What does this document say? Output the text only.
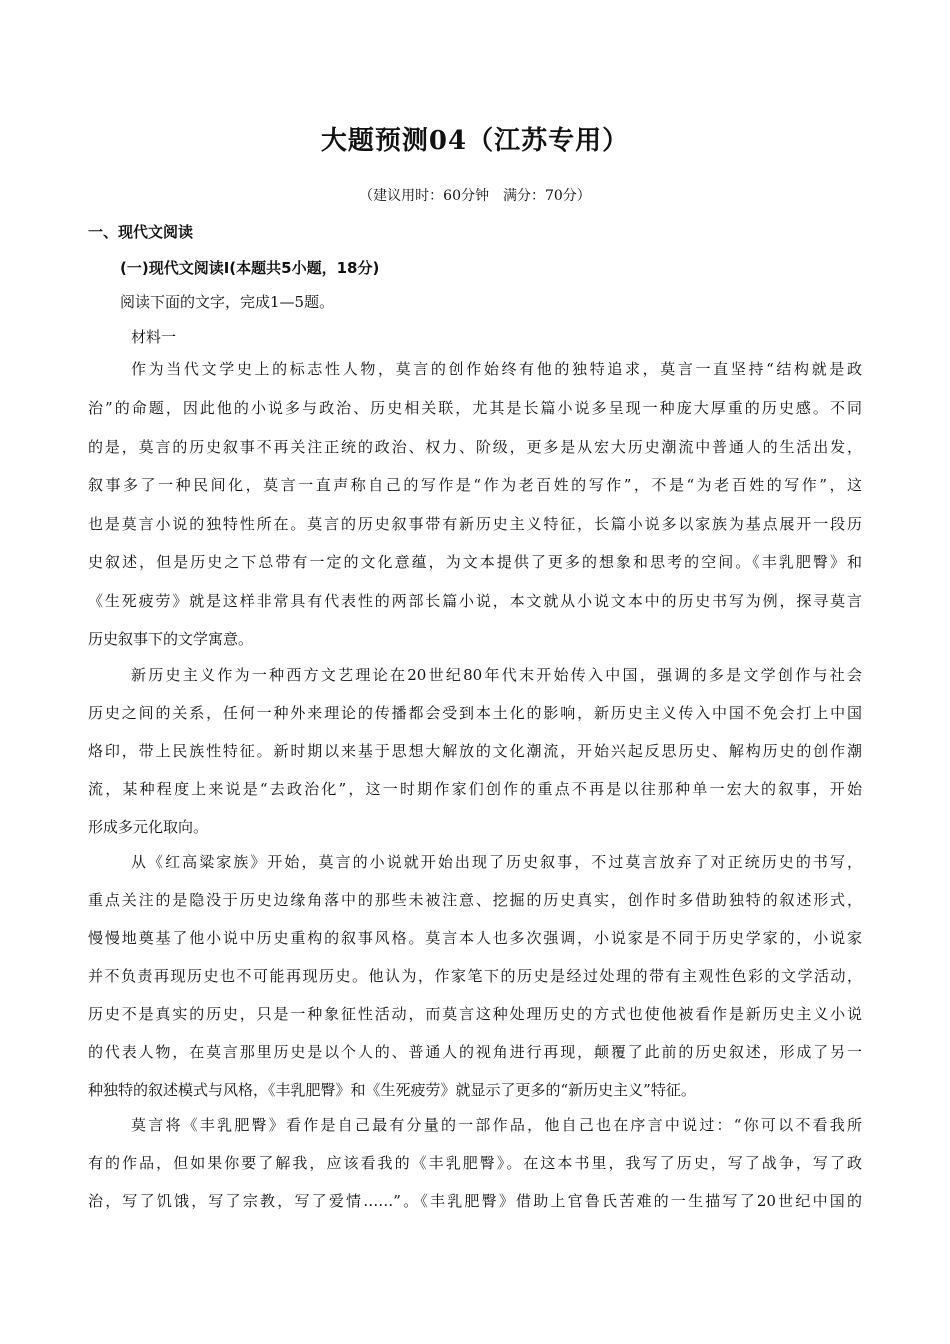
大题预测04（江苏专用）
（建议用时：60分钟　满分：70分）
一、现代文阅读
(一)现代文阅读Ⅰ(本题共5小题，18分)
阅读下面的文字，完成1—5题。
材料一
作为当代文学史上的标志性人物，莫言的创作始终有他的独特追求，莫言一直坚持“结构就是政
治”的命题，因此他的小说多与政治、历史相关联，尤其是长篇小说多呈现一种庞大厚重的历史感。不同
的是，莫言的历史叙事不再关注正统的政治、权力、阶级，更多是从宏大历史潮流中普通人的生活出发，
叙事多了一种民间化，莫言一直声称自己的写作是“作为老百姓的写作”，不是“为老百姓的写作”，这
也是莫言小说的独特性所在。莫言的历史叙事带有新历史主义特征，长篇小说多以家族为基点展开一段历
史叙述，但是历史之下总带有一定的文化意蕴，为文本提供了更多的想象和思考的空间。《丰乳肥臀》和
《生死疲劳》就是这样非常具有代表性的两部长篇小说，本文就从小说文本中的历史书写为例，探寻莫言
历史叙事下的文学寓意。
新历史主义作为一种西方文艺理论在20世纪80年代末开始传入中国，强调的多是文学创作与社会
历史之间的关系，任何一种外来理论的传播都会受到本土化的影响，新历史主义传入中国不免会打上中国
烙印，带上民族性特征。新时期以来基于思想大解放的文化潮流，开始兴起反思历史、解构历史的创作潮
流，某种程度上来说是“去政治化”，这一时期作家们创作的重点不再是以往那种单一宏大的叙事，开始
形成多元化取向。
从《红高粱家族》开始，莫言的小说就开始出现了历史叙事，不过莫言放弃了对正统历史的书写，
重点关注的是隐没于历史边缘角落中的那些未被注意、挖掘的历史真实，创作时多借助独特的叙述形式，
慢慢地奠基了他小说中历史重构的叙事风格。莫言本人也多次强调，小说家是不同于历史学家的，小说家
并不负责再现历史也不可能再现历史。他认为，作家笔下的历史是经过处理的带有主观性色彩的文学活动，
历史不是真实的历史，只是一种象征性活动，而莫言这种处理历史的方式也使他被看作是新历史主义小说
的代表人物，在莫言那里历史是以个人的、普通人的视角进行再现，颠覆了此前的历史叙述，形成了另一
种独特的叙述模式与风格，《丰乳肥臀》和《生死疲劳》就显示了更多的“新历史主义”特征。
莫言将《丰乳肥臀》看作是自己最有分量的一部作品，他自己也在序言中说过：“你可以不看我所
有的作品，但如果你要了解我，应该看我的《丰乳肥臀》。在这本书里，我写了历史，写了战争，写了政
治，写了饥饿，写了宗教，写了爱情……”。《丰乳肥臀》借助上官鲁氏苦难的一生描写了20世纪中国的
